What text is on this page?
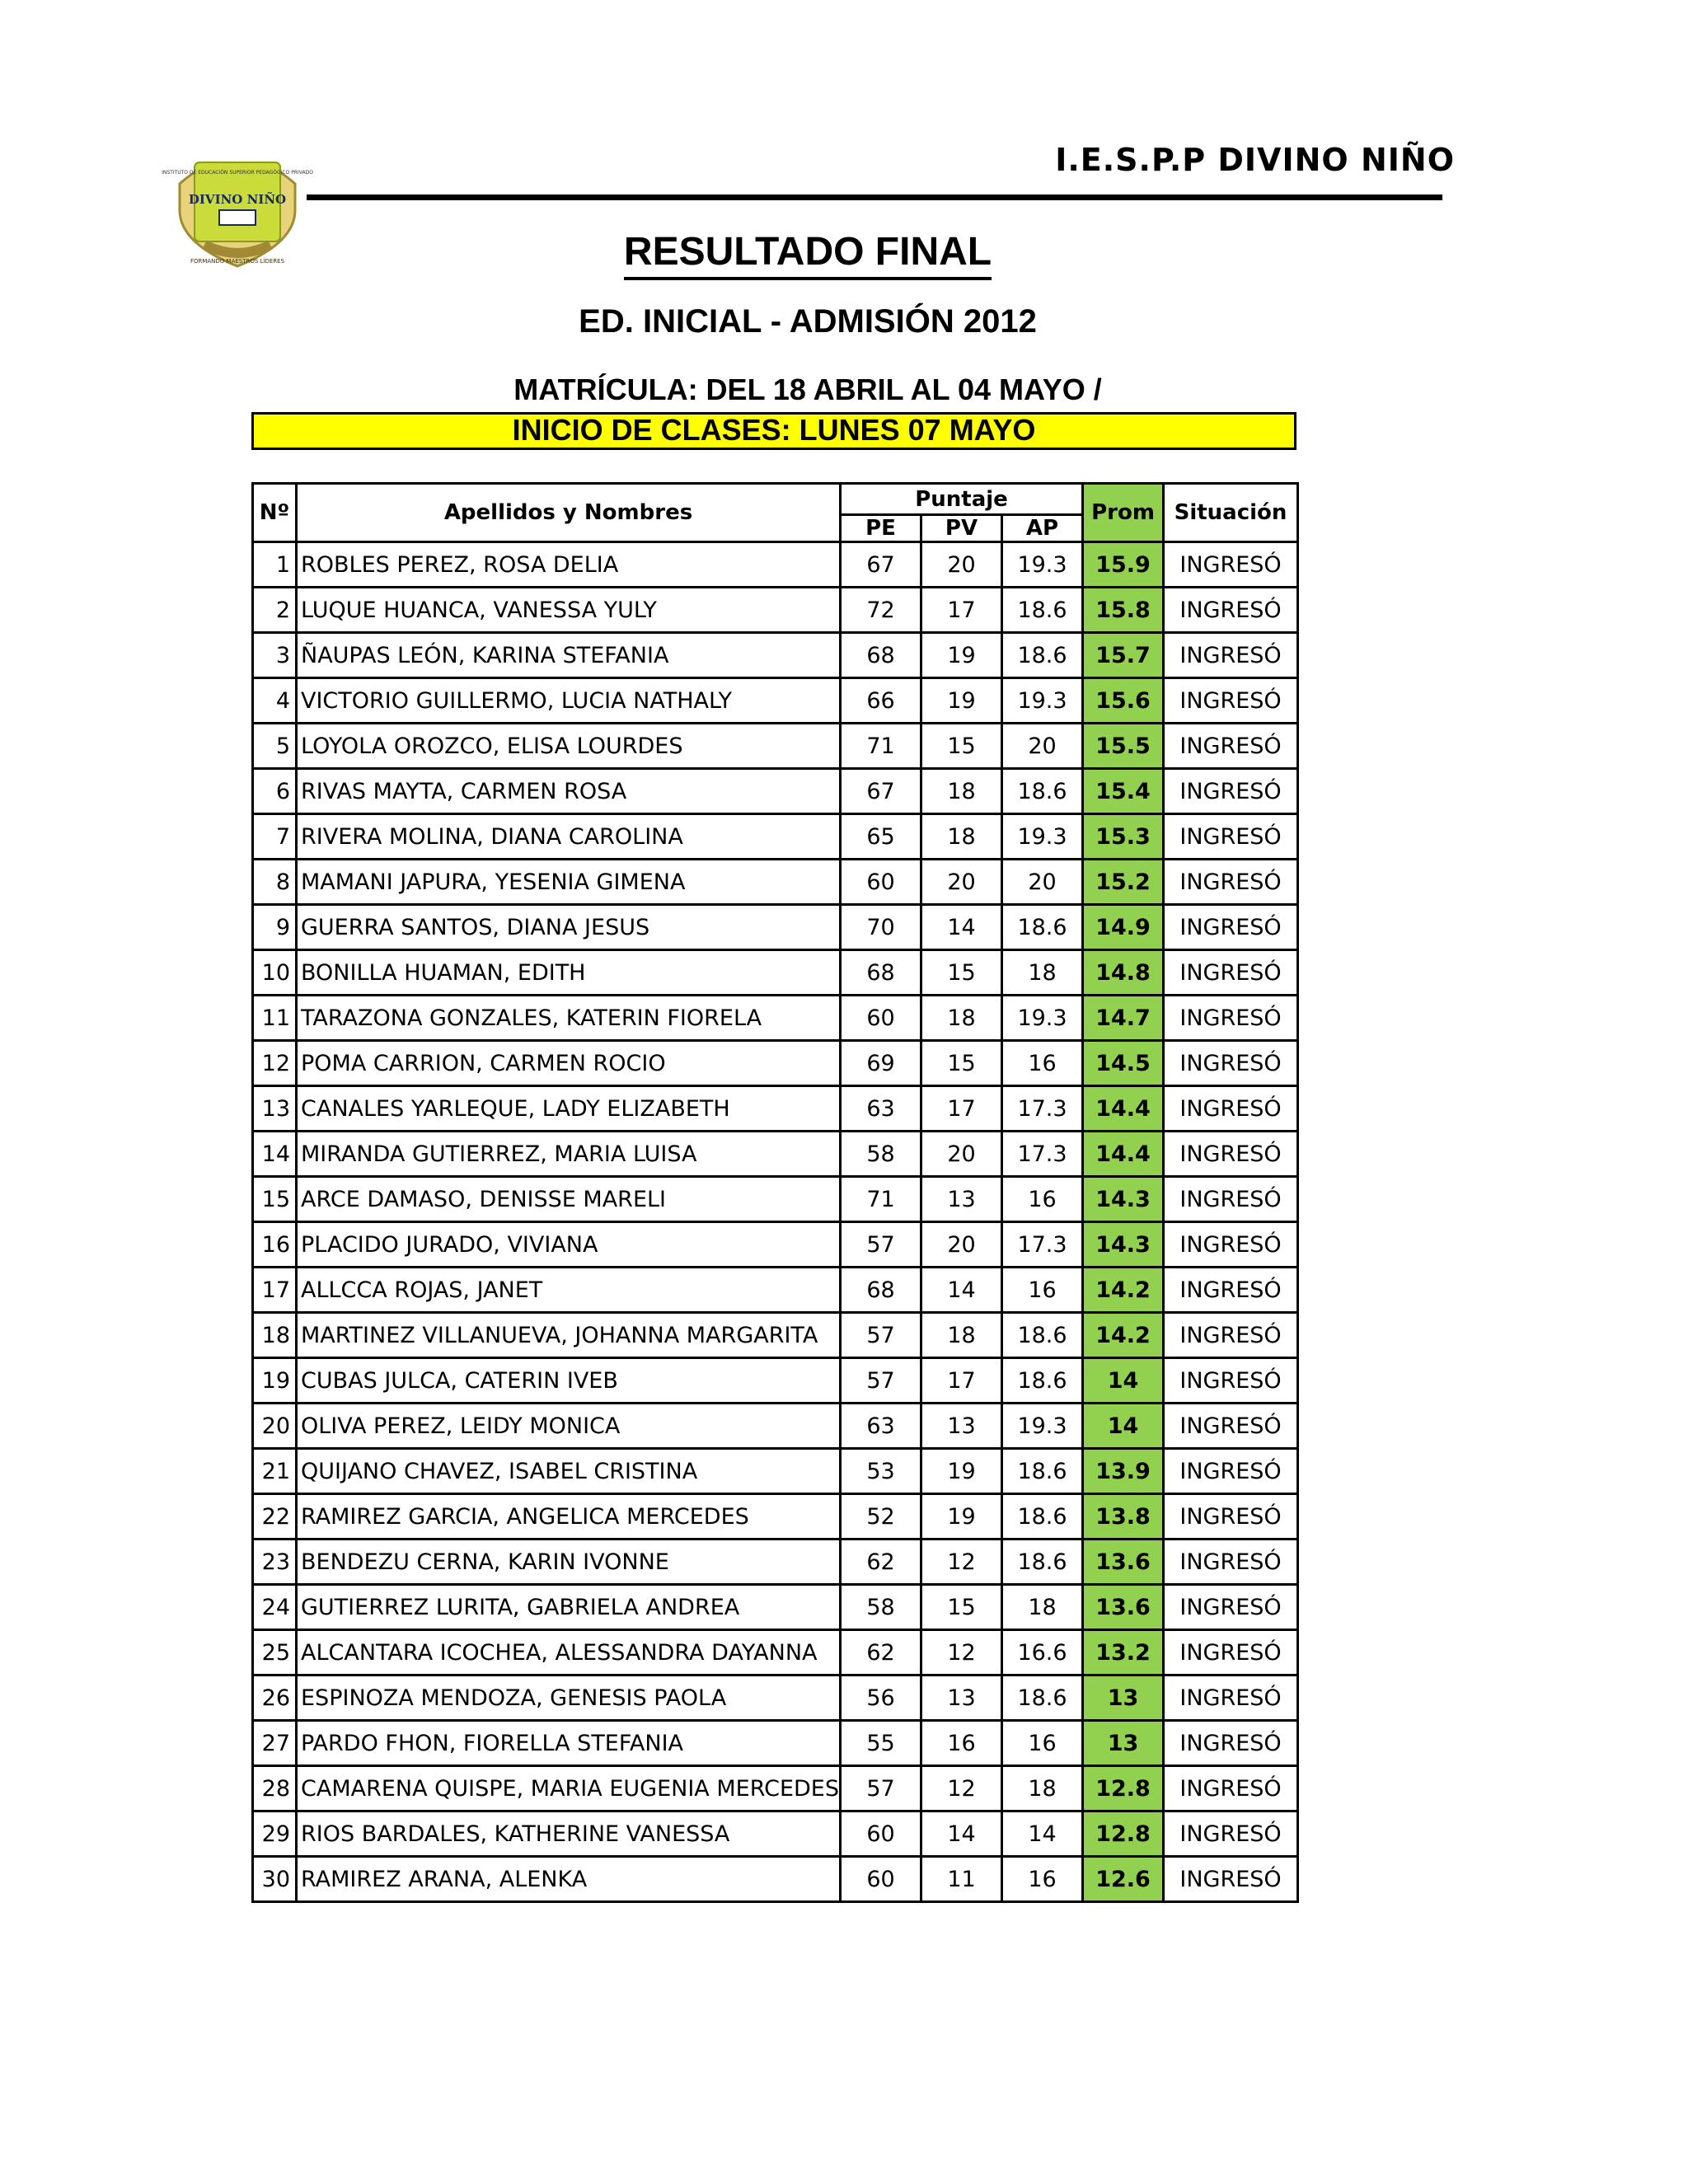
INSTITUTO DE EDUCACIÓN SUPERIOR PEDAGÓGICO PRIVADO
DIVINO NIÑO
FORMANDO MAESTROS LÍDERES
I.E.S.P.P DIVINO NIÑO
RESULTADO FINAL
ED. INICIAL - ADMISIÓN 2012
MATRÍCULA: DEL 18 ABRIL AL 04 MAYO /
INICIO DE CLASES: LUNES 07 MAYO
Nº	Apellidos y Nombres	Puntaje			Prom	Situación
		PE	PV	AP		
1	ROBLES PEREZ, ROSA DELIA	67	20	19.3	15.9	INGRESÓ
2	LUQUE HUANCA, VANESSA YULY	72	17	18.6	15.8	INGRESÓ
3	ÑAUPAS LEÓN, KARINA STEFANIA	68	19	18.6	15.7	INGRESÓ
4	VICTORIO GUILLERMO, LUCIA NATHALY	66	19	19.3	15.6	INGRESÓ
5	LOYOLA OROZCO, ELISA LOURDES	71	15	20	15.5	INGRESÓ
6	RIVAS MAYTA, CARMEN ROSA	67	18	18.6	15.4	INGRESÓ
7	RIVERA MOLINA, DIANA CAROLINA	65	18	19.3	15.3	INGRESÓ
8	MAMANI JAPURA, YESENIA GIMENA	60	20	20	15.2	INGRESÓ
9	GUERRA SANTOS, DIANA JESUS	70	14	18.6	14.9	INGRESÓ
10	BONILLA HUAMAN, EDITH	68	15	18	14.8	INGRESÓ
11	TARAZONA GONZALES, KATERIN FIORELA	60	18	19.3	14.7	INGRESÓ
12	POMA CARRION, CARMEN ROCIO	69	15	16	14.5	INGRESÓ
13	CANALES YARLEQUE, LADY ELIZABETH	63	17	17.3	14.4	INGRESÓ
14	MIRANDA GUTIERREZ, MARIA LUISA	58	20	17.3	14.4	INGRESÓ
15	ARCE DAMASO, DENISSE MARELI	71	13	16	14.3	INGRESÓ
16	PLACIDO JURADO, VIVIANA	57	20	17.3	14.3	INGRESÓ
17	ALLCCA ROJAS, JANET	68	14	16	14.2	INGRESÓ
18	MARTINEZ VILLANUEVA, JOHANNA MARGARITA	57	18	18.6	14.2	INGRESÓ
19	CUBAS JULCA, CATERIN IVEB	57	17	18.6	14	INGRESÓ
20	OLIVA PEREZ, LEIDY MONICA	63	13	19.3	14	INGRESÓ
21	QUIJANO CHAVEZ, ISABEL CRISTINA	53	19	18.6	13.9	INGRESÓ
22	RAMIREZ GARCIA, ANGELICA MERCEDES	52	19	18.6	13.8	INGRESÓ
23	BENDEZU CERNA, KARIN IVONNE	62	12	18.6	13.6	INGRESÓ
24	GUTIERREZ LURITA, GABRIELA ANDREA	58	15	18	13.6	INGRESÓ
25	ALCANTARA ICOCHEA, ALESSANDRA DAYANNA	62	12	16.6	13.2	INGRESÓ
26	ESPINOZA MENDOZA, GENESIS PAOLA	56	13	18.6	13	INGRESÓ
27	PARDO FHON, FIORELLA STEFANIA	55	16	16	13	INGRESÓ
28	CAMARENA QUISPE, MARIA EUGENIA MERCEDES	57	12	18	12.8	INGRESÓ
29	RIOS BARDALES, KATHERINE VANESSA	60	14	14	12.8	INGRESÓ
30	RAMIREZ ARANA, ALENKA	60	11	16	12.6	INGRESÓ
